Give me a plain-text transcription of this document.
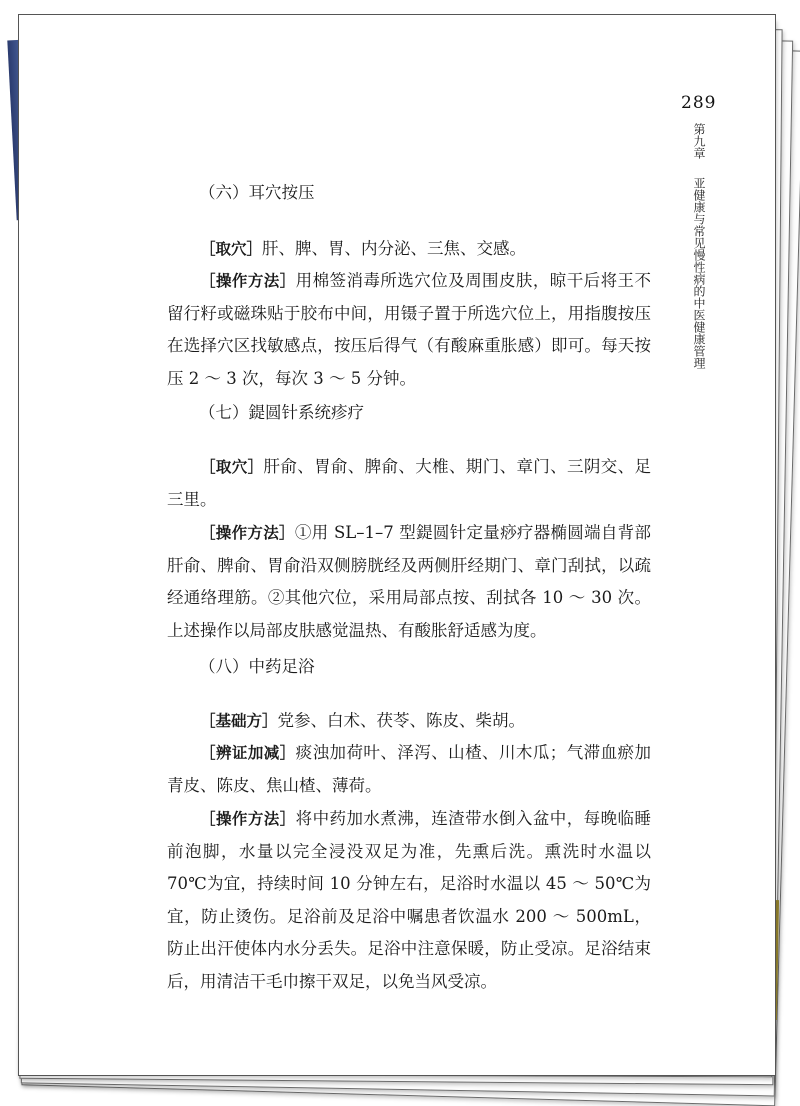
289
第九章亚健康与常见慢性病的中医健康管理

（六）耳穴按压

［取穴］肝、脾、胃、内分泌、三焦、交感。

［操作方法］用棉签消毒所选穴位及周围皮肤，晾干后将王不留行籽或磁珠贴于胶布中间，用镊子置于所选穴位上，用指腹按压在选择穴区找敏感点，按压后得气（有酸麻重胀感）即可。每天按压 2 ～ 3 次，每次 3 ～ 5 分钟。

（七）鍉圆针系统疹疗

［取穴］肝俞、胃俞、脾俞、大椎、期门、章门、三阴交、足三里。

［操作方法］①用 SL–1–7 型鍉圆针定量痧疗器椭圆端自背部肝俞、脾俞、胃俞沿双侧膀胱经及两侧肝经期门、章门刮拭，以疏经通络理筋。②其他穴位，采用局部点按、刮拭各 10 ～ 30 次。上述操作以局部皮肤感觉温热、有酸胀舒适感为度。

（八）中药足浴

［基础方］党参、白术、茯苓、陈皮、柴胡。

［辨证加减］痰浊加荷叶、泽泻、山楂、川木瓜；气滞血瘀加青皮、陈皮、焦山楂、薄荷。

［操作方法］将中药加水煮沸，连渣带水倒入盆中，每晚临睡前泡脚，水量以完全浸没双足为准，先熏后洗。熏洗时水温以 70℃为宜，持续时间 10 分钟左右，足浴时水温以 45 ～ 50℃为宜，防止烫伤。足浴前及足浴中嘱患者饮温水 200 ～ 500mL，防止出汗使体内水分丢失。足浴中注意保暖，防止受凉。足浴结束后，用清洁干毛巾擦干双足，以免当风受凉。
